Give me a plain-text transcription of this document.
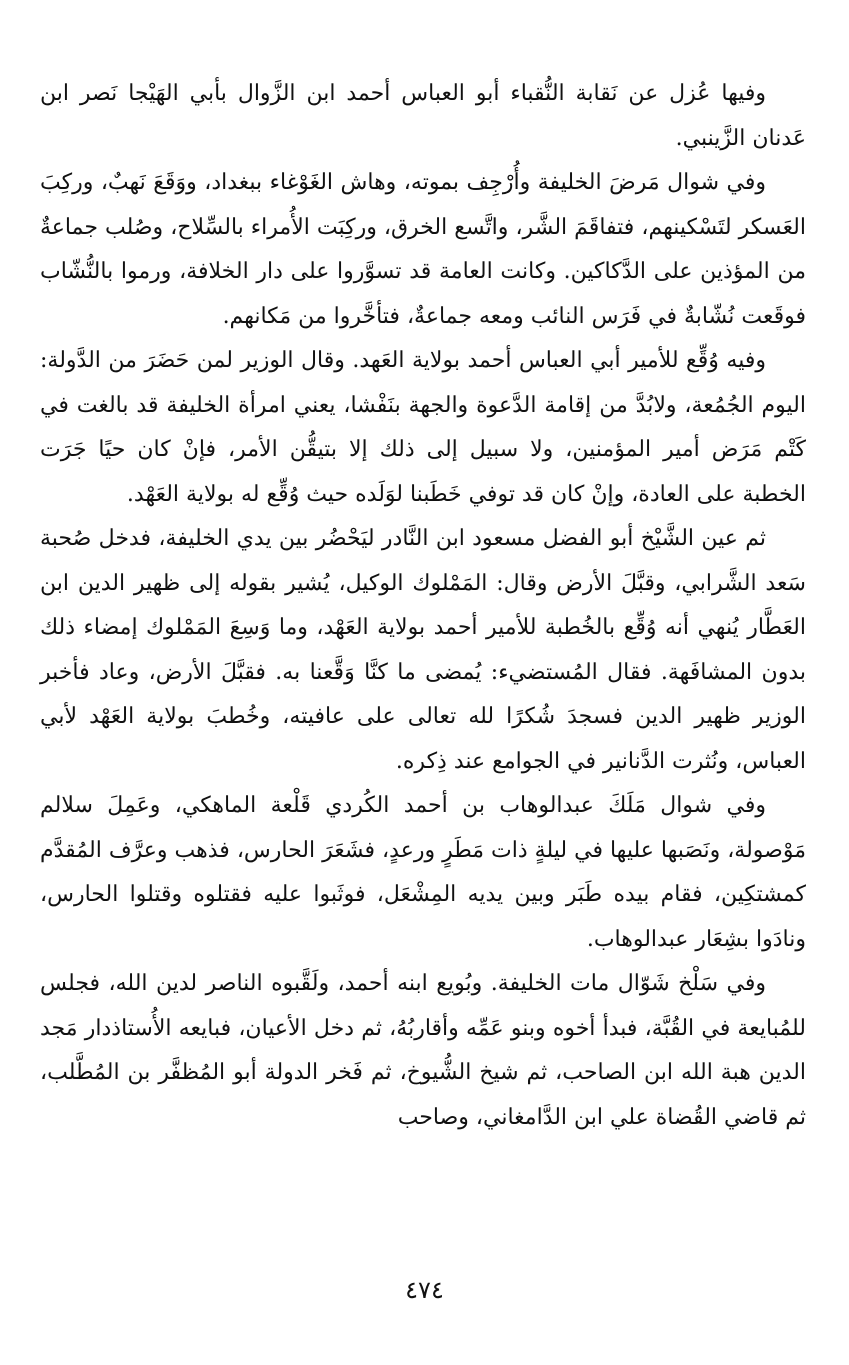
وفيها عُزل عن نَقابة النُّقباء أبو العباس أحمد ابن الزَّوال بأبي الهَيْجا نَصر ابن عَدنان الزَّينبي.

وفي شوال مَرضَ الخليفة وأُرْجِف بموته، وهاش الغَوْغاء ببغداد، ووَقَعَ نَهبٌ، وركِبَ العَسكر لتَسْكينهم، فتفاقَمَ الشَّر، واتَّسع الخرق، وركِبَت الأُمراء بالسِّلاح، وصُلب جماعةٌ من المؤذين على الدَّكاكين. وكانت العامة قد تسوَّروا على دار الخلافة، ورموا بالنُّشّاب فوقَعت نُشّابةٌ في فَرَس النائب ومعه جماعةٌ، فتأخَّروا من مَكانهم.

وفيه وُقِّع للأمير أبي العباس أحمد بولاية العَهد. وقال الوزير لمن حَضَرَ من الدَّولة: اليوم الجُمُعة، ولابُدَّ من إقامة الدَّعوة والجهة بنَفْشا، يعني امرأة الخليفة قد بالغت في كَتْم مَرَض أمير المؤمنين، ولا سبيل إلى ذلك إلا بتيقُّن الأمر، فإنْ كان حيًا جَرَت الخطبة على العادة، وإنْ كان قد توفي خَطَبنا لوَلَده حيث وُقِّع له بولاية العَهْد.

ثم عين الشَّيْخ أبو الفضل مسعود ابن النَّادر ليَحْضُر بين يدي الخليفة، فدخل صُحبة سَعد الشَّرابي، وقبَّلَ الأرض وقال: المَمْلوك الوكيل، يُشير بقوله إلى ظهير الدين ابن العَطَّار يُنهي أنه وُقِّع بالخُطبة للأمير أحمد بولاية العَهْد، وما وَسِعَ المَمْلوك إمضاء ذلك بدون المشافَهة. فقال المُستضيء: يُمضى ما كنَّا وَقَّعنا به. فقبَّلَ الأرض، وعاد فأخبر الوزير ظهير الدين فسجدَ شُكرًا لله تعالى على عافيته، وخُطبَ بولاية العَهْد لأبي العباس، ونُثرت الدَّنانير في الجوامع عند ذِكره.

وفي شوال مَلَكَ عبدالوهاب بن أحمد الكُردي قَلْعة الماهكي، وعَمِلَ سلالم مَوْصولة، ونَصَبها عليها في ليلةٍ ذات مَطَرٍ ورعدٍ، فشَعَرَ الحارس، فذهب وعرَّف المُقدَّم كمشتكِين، فقام بيده طَبَر وبين يديه المِشْعَل، فوثَبوا عليه فقتلوه وقتلوا الحارس، ونادَوا بشِعَار عبدالوهاب.

وفي سَلْخ شَوّال مات الخليفة. وبُويع ابنه أحمد، ولَقَّبوه الناصر لدين الله، فجلس للمُبايعة في القُبَّة، فبدأ أخوه وبنو عَمِّه وأقاربُهُ، ثم دخل الأعيان، فبايعه الأُستاذدار مَجد الدين هبة الله ابن الصاحب، ثم شيخ الشُّيوخ، ثم فَخر الدولة أبو المُظفَّر بن المُطَّلب، ثم قاضي القُضاة علي ابن الدَّامغاني، وصاحب

٤٧٤
